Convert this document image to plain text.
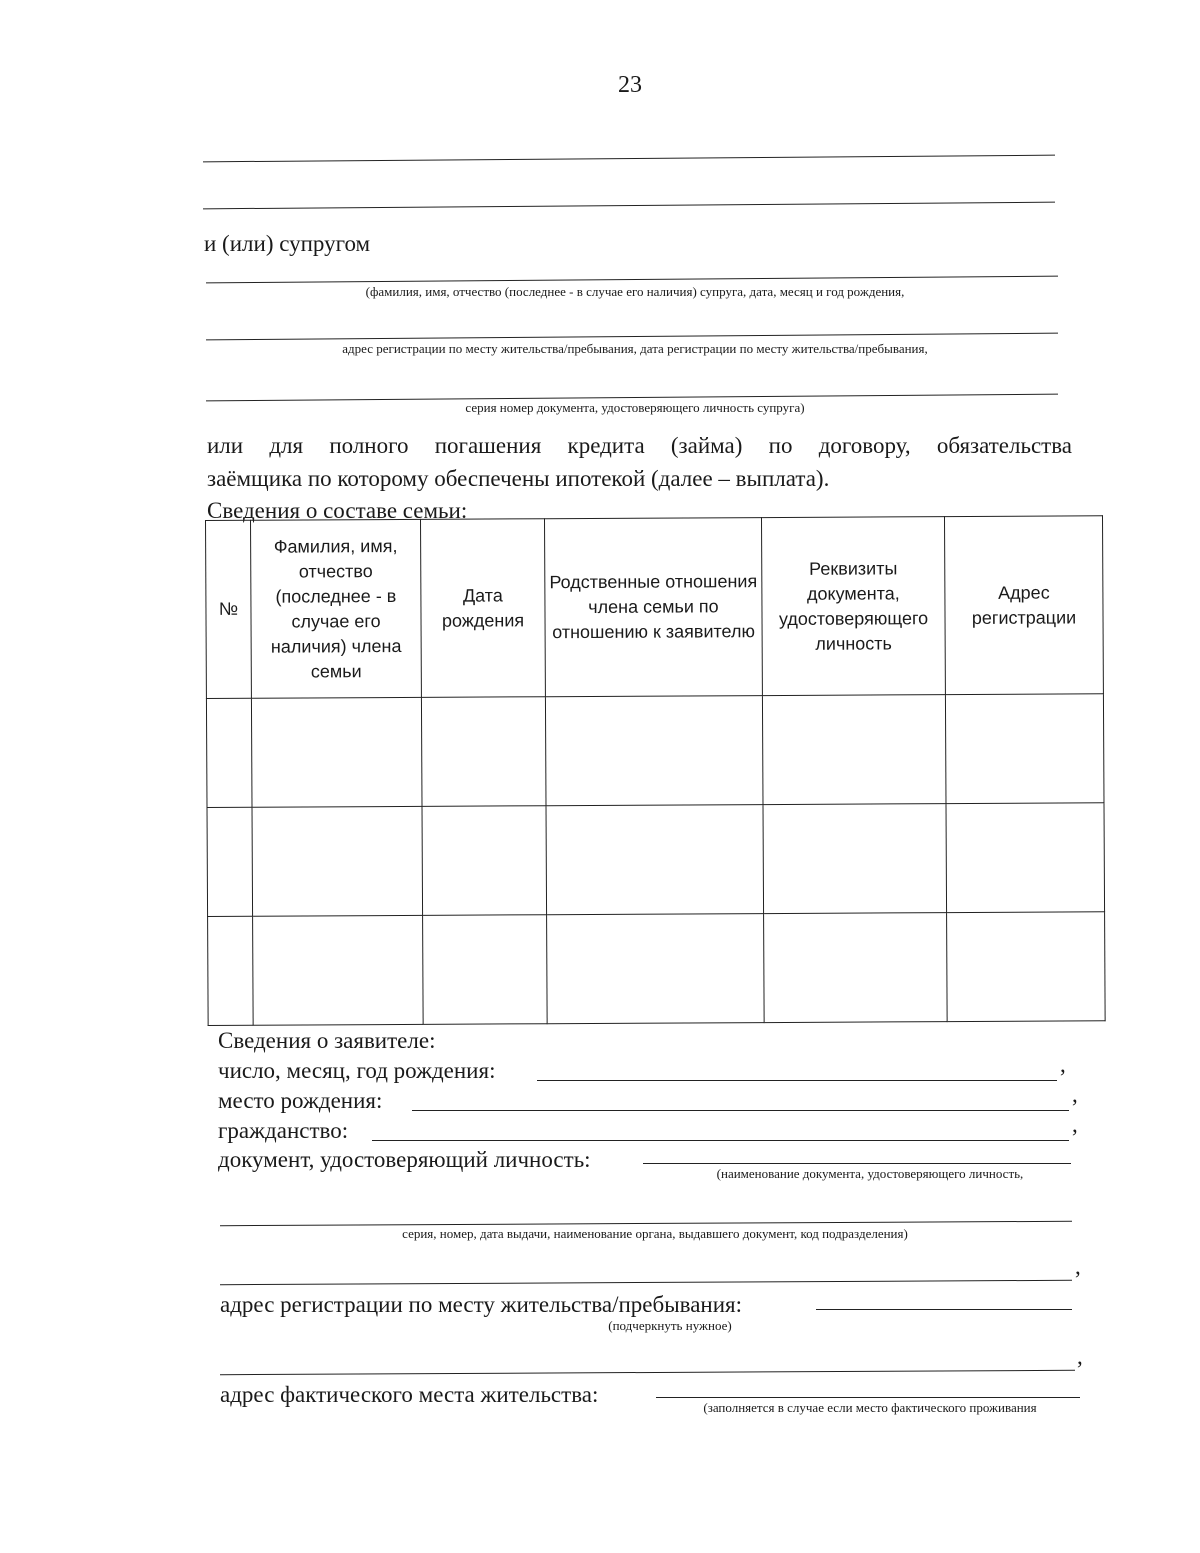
23
и (или) супругом
(фамилия, имя, отчество (последнее - в случае его наличия) супруга, дата, месяц и год рождения,
адрес регистрации по месту жительства/пребывания, дата регистрации по месту жительства/пребывания,
серия номер документа, удостоверяющего личность супруга)
или для полного погашения кредита (займа) по договору, обязательства
заёмщика по которому обеспечены ипотекой (далее – выплата).
Сведения о составе семьи:
№	Фамилия, имя, отчество (последнее - в случае его наличия) члена семьи	Дата рождения	Родственные отношения члена семьи по отношению к заявителю	Реквизиты документа, удостоверяющего личность	Адрес регистрации

Сведения о заявителе:
число, месяц, год рождения:	,
место рождения:	,
гражданство:	,
документ, удостоверяющий личность:
(наименование документа, удостоверяющего личность,
серия, номер, дата выдачи, наименование органа, выдавшего документ, код подразделения)
,
адрес регистрации по месту жительства/пребывания:
(подчеркнуть нужное)
,
адрес фактического места жительства:
(заполняется в случае если место фактического проживания
